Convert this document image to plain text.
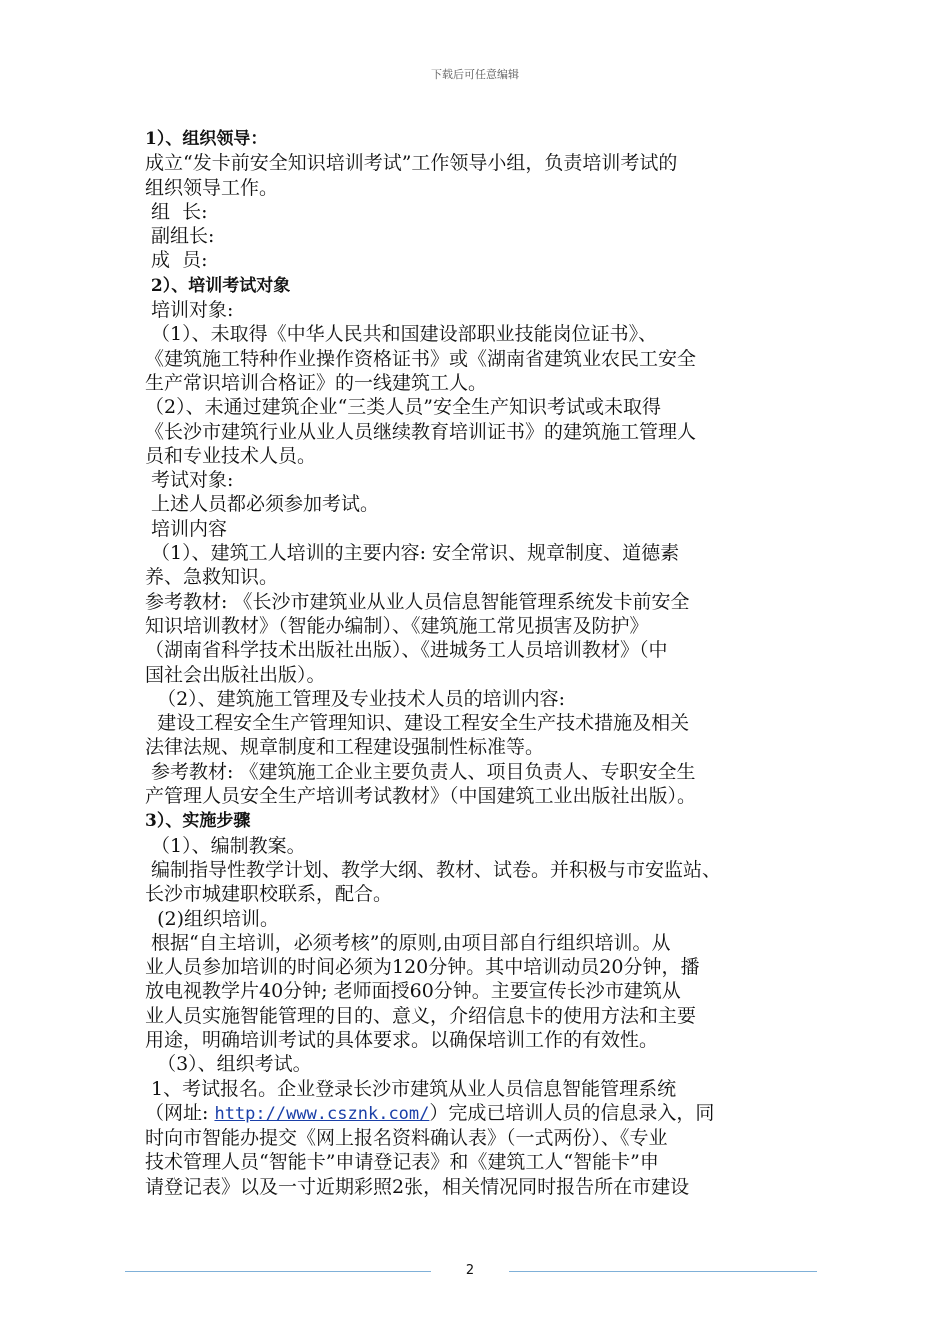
下载后可任意编辑
1）、组织领导：
成立“发卡前安全知识培训考试”工作领导小组，负责培训考试的
组织领导工作。
组  长:
副组长:
成  员:
2）、培训考试对象
培训对象:
（1）、未取得《中华人民共和国建设部职业技能岗位证书》、
《建筑施工特种作业操作资格证书》或《湖南省建筑业农民工安全
生产常识培训合格证》的一线建筑工人。
（2）、未通过建筑企业“三类人员”安全生产知识考试或未取得
《长沙市建筑行业从业人员继续教育培训证书》的建筑施工管理人
员和专业技术人员。
考试对象:
上述人员都必须参加考试。
培训内容
（1）、建筑工人培训的主要内容: 安全常识、规章制度、道德素
养、急救知识。
参考教材: 《长沙市建筑业从业人员信息智能管理系统发卡前安全
知识培训教材》（智能办编制）、《建筑施工常见损害及防护》
（湖南省科学技术出版社出版）、《进城务工人员培训教材》（中
国社会出版社出版）。
（2）、建筑施工管理及专业技术人员的培训内容:
建设工程安全生产管理知识、建设工程安全生产技术措施及相关
法律法规、规章制度和工程建设强制性标准等。
参考教材: 《建筑施工企业主要负责人、项目负责人、专职安全生
产管理人员安全生产培训考试教材》（中国建筑工业出版社出版）。
3）、实施步骤
（1）、编制教案。
编制指导性教学计划、教学大纲、教材、试卷。并积极与市安监站、
长沙市城建职校联系，配合。
(2)组织培训。
根据“自主培训，必须考核”的原则,由项目部自行组织培训。从
业人员参加培训的时间必须为120分钟。其中培训动员20分钟，播
放电视教学片40分钟; 老师面授60分钟。主要宣传长沙市建筑从
业人员实施智能管理的目的、意义，介绍信息卡的使用方法和主要
用途，明确培训考试的具体要求。以确保培训工作的有效性。
（3）、组织考试。
1、考试报名。企业登录长沙市建筑从业人员信息智能管理系统
（网址: http://www.csznk.com/）完成已培训人员的信息录入，同
时向市智能办提交《网上报名资料确认表》（一式两份）、《专业
技术管理人员“智能卡”申请登记表》和《建筑工人“智能卡”申
请登记表》以及一寸近期彩照2张，相关情况同时报告所在市建设
2
